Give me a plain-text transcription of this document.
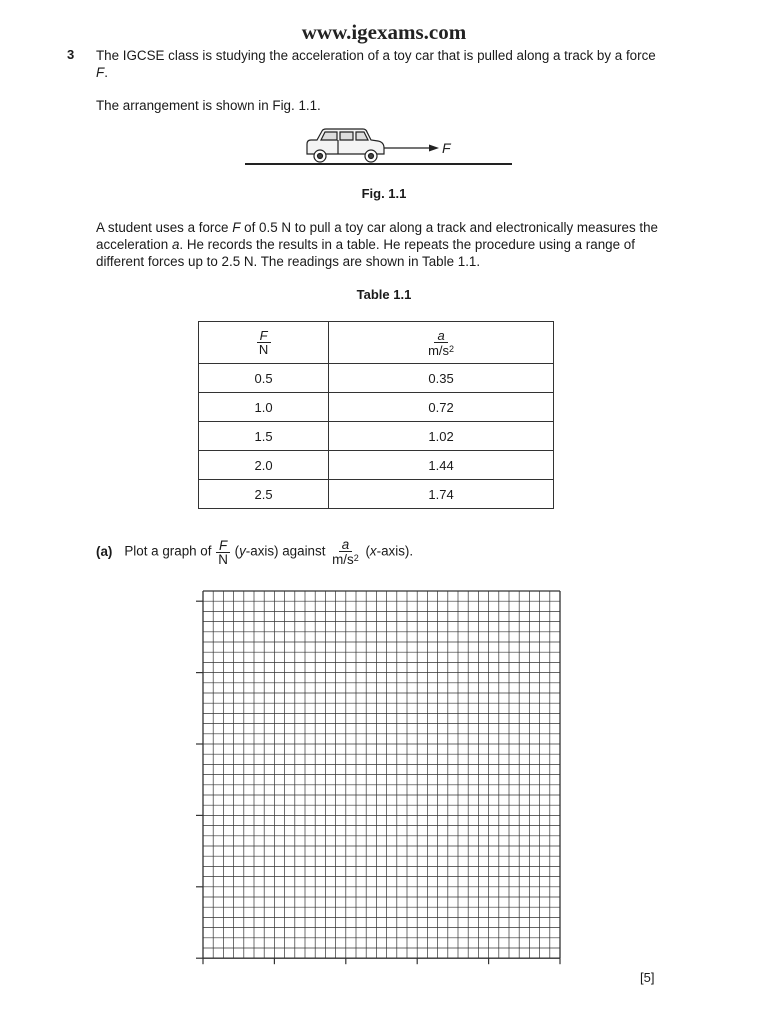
www.igexams.com
3 The IGCSE class is studying the acceleration of a toy car that is pulled along a track by a force F.
The arrangement is shown in Fig. 1.1.
F
Fig. 1.1
A student uses a force F of 0.5 N to pull a toy car along a track and electronically measures the acceleration a. He records the results in a table. He repeats the procedure using a range of different forces up to 2.5 N. The readings are shown in Table 1.1.
Table 1.1
$\frac{F}{N}$	$\frac{a}{m/s^2}$

0.5	0.35
1.0	0.72
1.5	1.02
2.0	1.44
2.5	1.74
(a) Plot a graph of $\frac{F}{N}$ (y-axis) against $\frac{a}{m/s^2}$ (x-axis).
[5]
